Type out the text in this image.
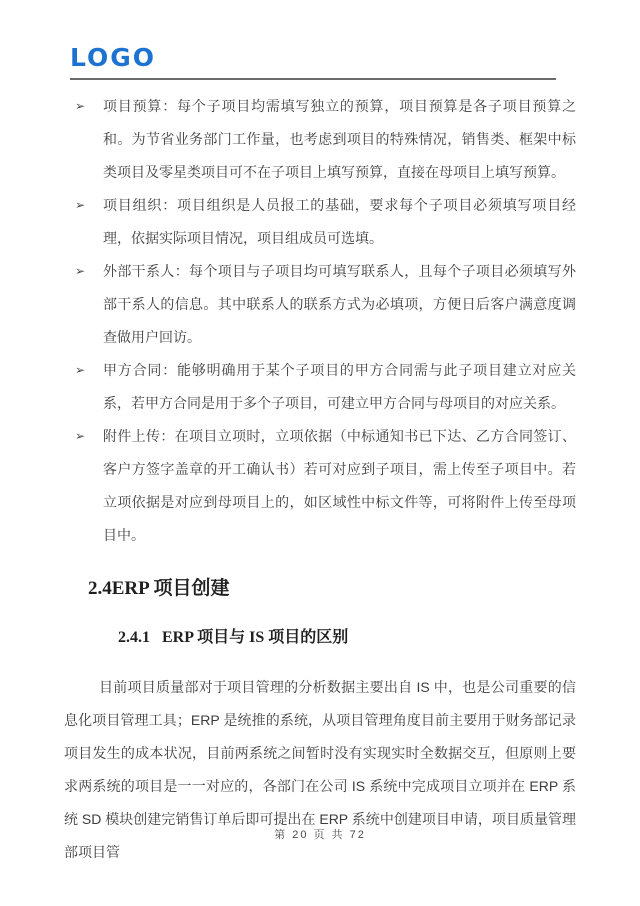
LOGO
➢ 项目预算：每个子项目均需填写独立的预算，项目预算是各子项目预算之和。为节省业务部门工作量，也考虑到项目的特殊情况，销售类、框架中标类项目及零星类项目可不在子项目上填写预算，直接在母项目上填写预算。
➢ 项目组织：项目组织是人员报工的基础，要求每个子项目必须填写项目经理，依据实际项目情况，项目组成员可选填。
➢ 外部干系人：每个项目与子项目均可填写联系人，且每个子项目必须填写外部干系人的信息。其中联系人的联系方式为必填项，方便日后客户满意度调查做用户回访。
➢ 甲方合同：能够明确用于某个子项目的甲方合同需与此子项目建立对应关系，若甲方合同是用于多个子项目，可建立甲方合同与母项目的对应关系。
➢ 附件上传：在项目立项时，立项依据（中标通知书已下达、乙方合同签订、客户方签字盖章的开工确认书）若可对应到子项目，需上传至子项目中。若立项依据是对应到母项目上的，如区域性中标文件等，可将附件上传至母项目中。
2.4ERP 项目创建
2.4.1 ERP 项目与 IS 项目的区别

目前项目质量部对于项目管理的分析数据主要出自 IS 中，也是公司重要的信息化项目管理工具；ERP 是统推的系统，从项目管理角度目前主要用于财务部记录项目发生的成本状况，目前两系统之间暂时没有实现实时全数据交互，但原则上要求两系统的项目是一一对应的，各部门在公司 IS 系统中完成项目立项并在 ERP 系统 SD 模块创建完销售订单后即可提出在 ERP 系统中创建项目申请，项目质量管理部项目管

第 20 页 共 72
